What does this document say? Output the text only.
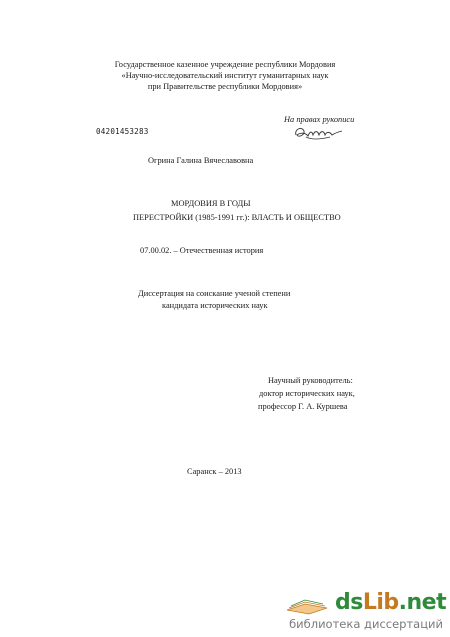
Государственное казенное учреждение республики Мордовия
«Научно-исследовательский институт гуманитарных наук
при Правительстве республики Мордовия»
На правах рукописи
04201453283
Огрина Галина Вячеславовна
МОРДОВИЯ В ГОДЫ
ПЕРЕСТРОЙКИ (1985-1991 гг.): ВЛАСТЬ И ОБЩЕСТВО
07.00.02. – Отечественная история
Диссертация на соискание ученой степени
кандидата исторических наук
Научный руководитель:
доктор исторических наук,
профессор Г. А. Куршева
Саранск – 2013
dsLib.net
библиотека диссертаций
